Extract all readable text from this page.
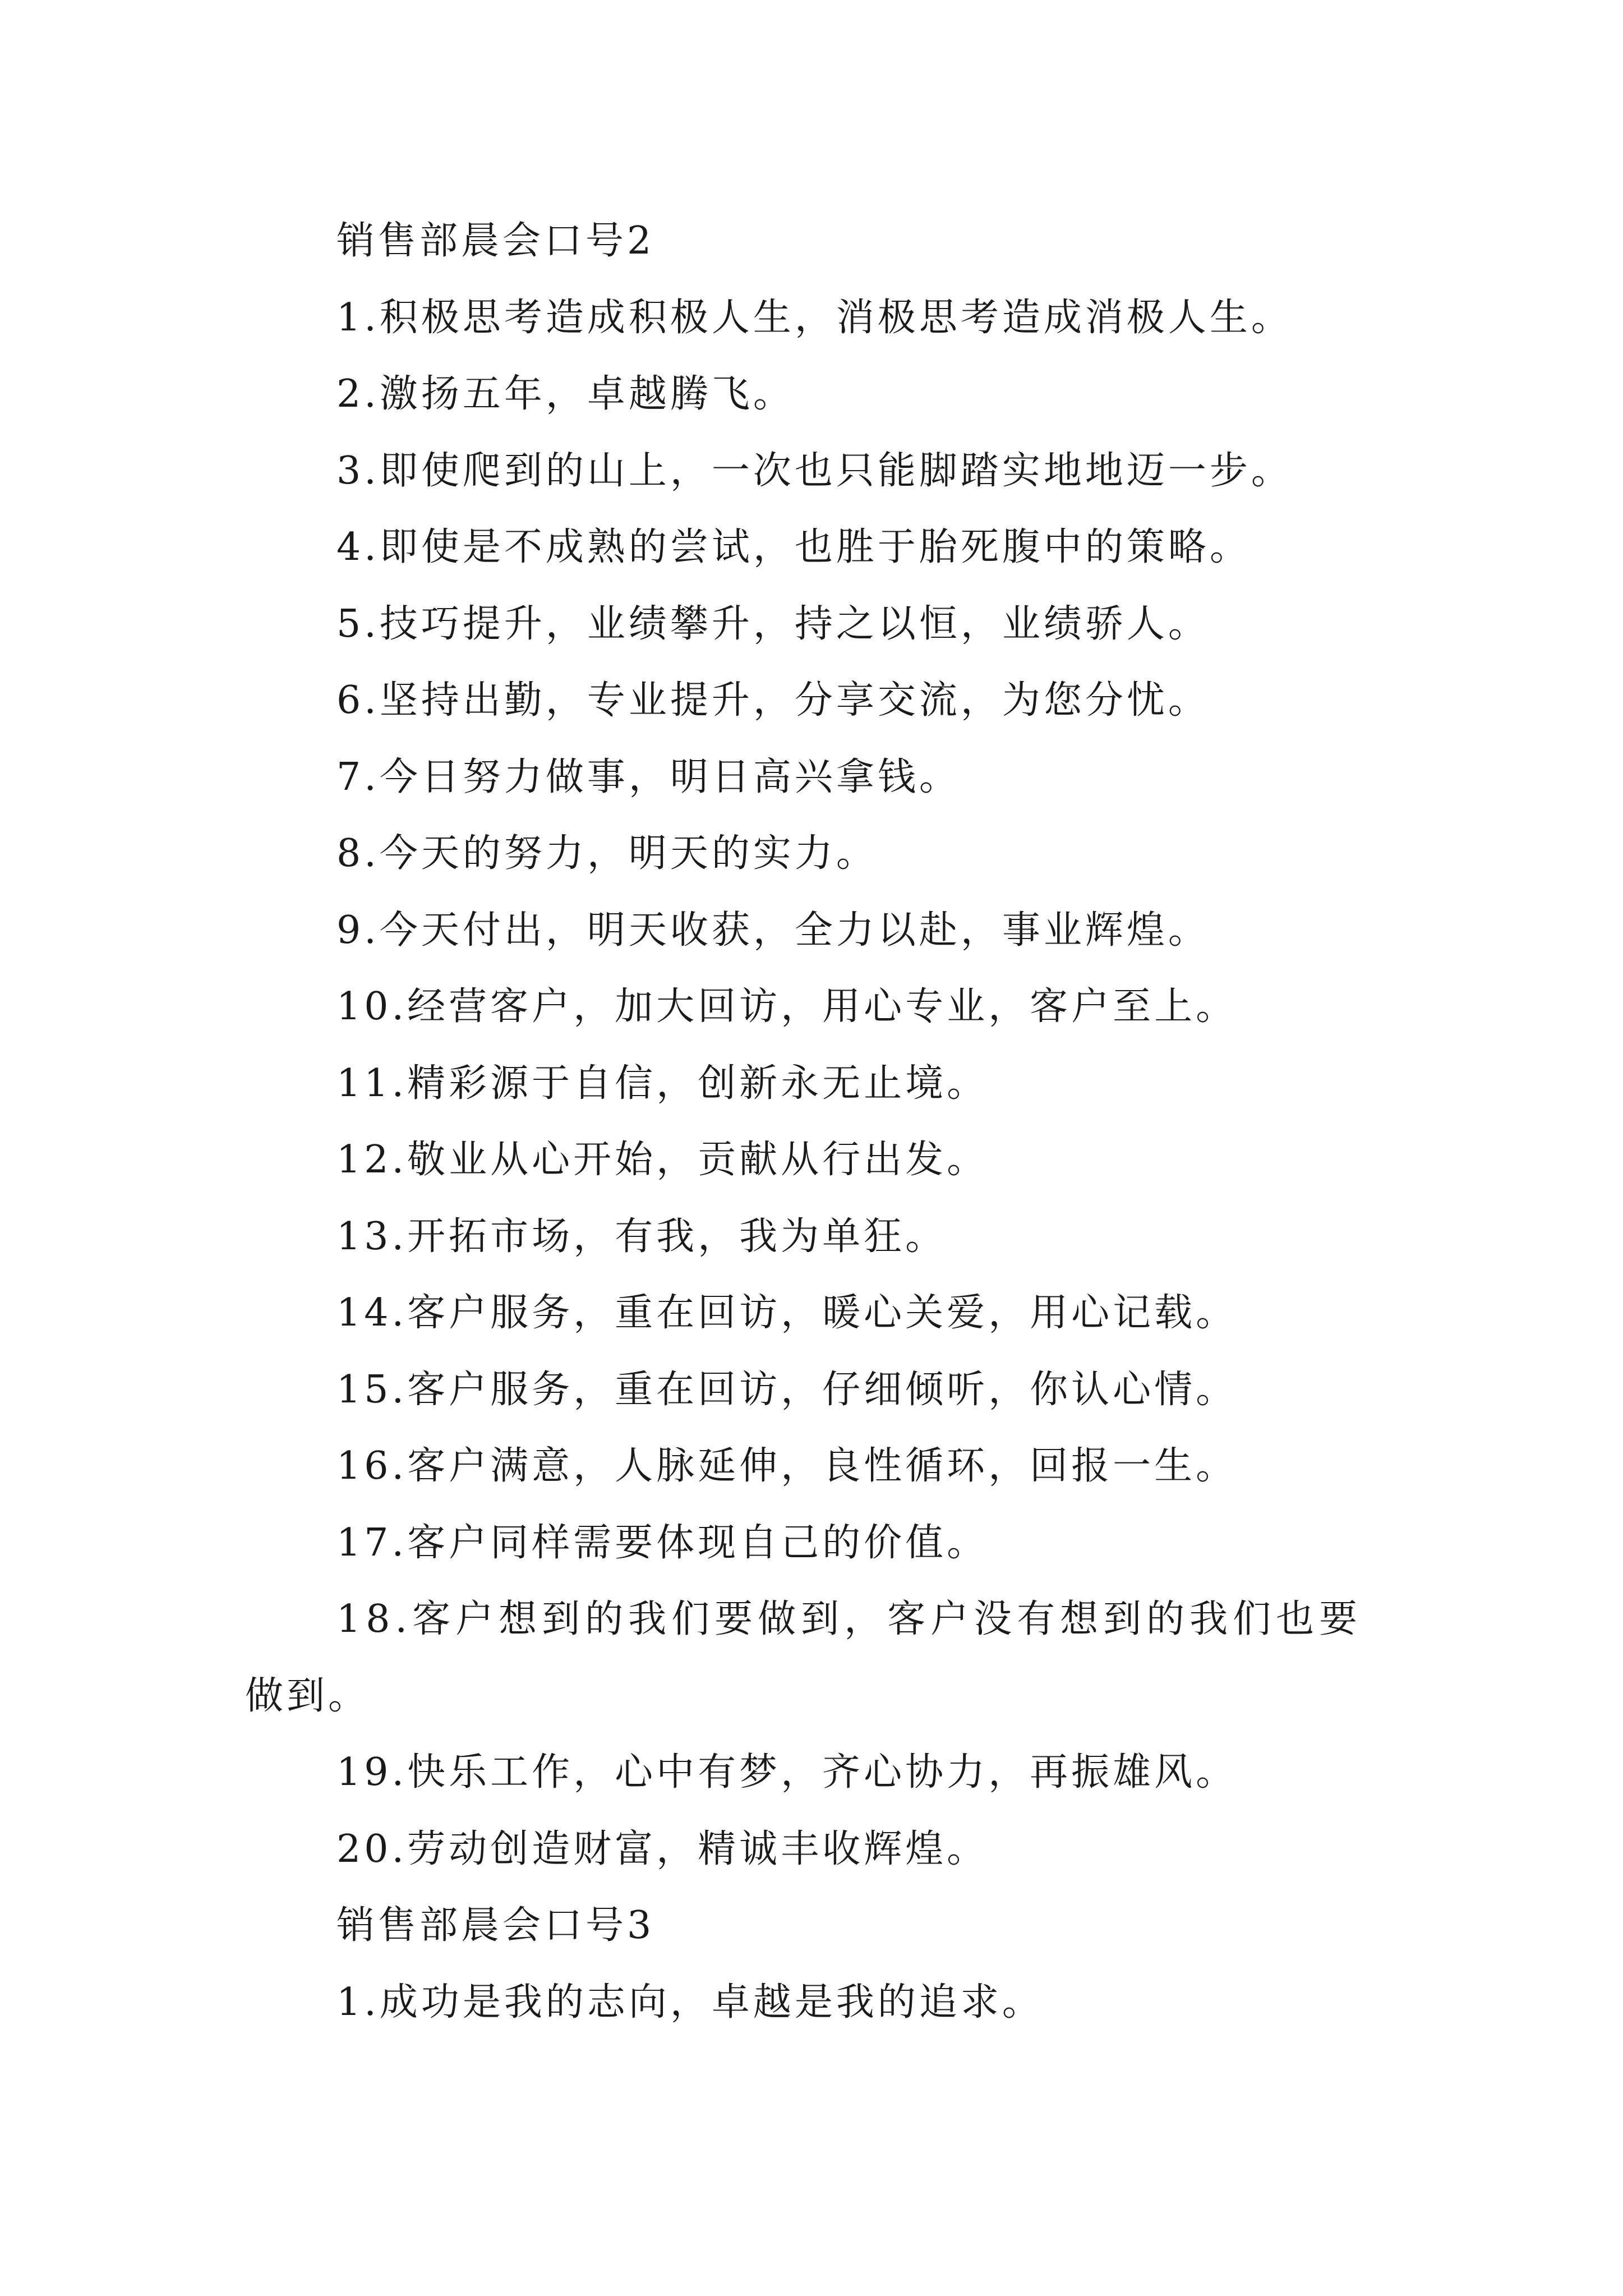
销售部晨会口号2
1.积极思考造成积极人生，消极思考造成消极人生。
2.激扬五年，卓越腾飞。
3.即使爬到的山上，一次也只能脚踏实地地迈一步。
4.即使是不成熟的尝试，也胜于胎死腹中的策略。
5.技巧提升，业绩攀升，持之以恒，业绩骄人。
6.坚持出勤，专业提升，分享交流，为您分忧。
7.今日努力做事，明日高兴拿钱。
8.今天的努力，明天的实力。
9.今天付出，明天收获，全力以赴，事业辉煌。
10.经营客户，加大回访，用心专业，客户至上。
11.精彩源于自信，创新永无止境。
12.敬业从心开始，贡献从行出发。
13.开拓市场，有我，我为单狂。
14.客户服务，重在回访，暖心关爱，用心记载。
15.客户服务，重在回访，仔细倾听，你认心情。
16.客户满意，人脉延伸，良性循环，回报一生。
17.客户同样需要体现自己的价值。
18.客户想到的我们要做到，客户没有想到的我们也要
做到。
19.快乐工作，心中有梦，齐心协力，再振雄风。
20.劳动创造财富，精诚丰收辉煌。
销售部晨会口号3
1.成功是我的志向，卓越是我的追求。
